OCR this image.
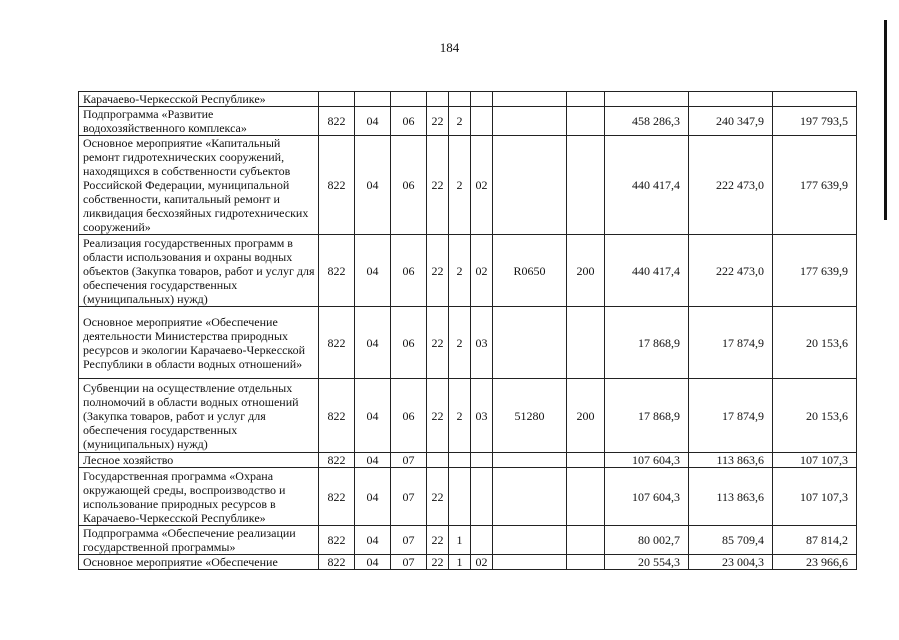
184
Карачаево-Черкесской Республике»											
Подпрограмма «Развитие водохозяйственного комплекса»	822	04	06	22	2				458 286,3	240 347,9	197 793,5
Основное мероприятие «Капитальный ремонт гидротехнических сооружений, находящихся в собственности субъектов Российской Федерации, муниципальной собственности, капитальный ремонт и ликвидация бесхозяйных гидротехнических сооружений»	822	04	06	22	2	02			440 417,4	222 473,0	177 639,9
Реализация государственных программ в области использования и охраны водных объектов (Закупка товаров, работ и услуг для обеспечения государственных (муниципальных) нужд)	822	04	06	22	2	02	R0650	200	440 417,4	222 473,0	177 639,9
Основное мероприятие «Обеспечение деятельности Министерства природных ресурсов и экологии Карачаево-Черкесской Республики в области водных отношений»	822	04	06	22	2	03			17 868,9	17 874,9	20 153,6
Субвенции на осуществление отдельных полномочий в области водных отношений (Закупка товаров, работ и услуг для обеспечения государственных (муниципальных) нужд)	822	04	06	22	2	03	51280	200	17 868,9	17 874,9	20 153,6
Лесное хозяйство	822	04	07						107 604,3	113 863,6	107 107,3
Государственная программа «Охрана окружающей среды, воспроизводство и использование природных ресурсов в Карачаево-Черкесской Республике»	822	04	07	22					107 604,3	113 863,6	107 107,3
Подпрограмма «Обеспечение реализации государственной программы»	822	04	07	22	1				80 002,7	85 709,4	87 814,2
Основное мероприятие «Обеспечение	822	04	07	22	1	02			20 554,3	23 004,3	23 966,6
